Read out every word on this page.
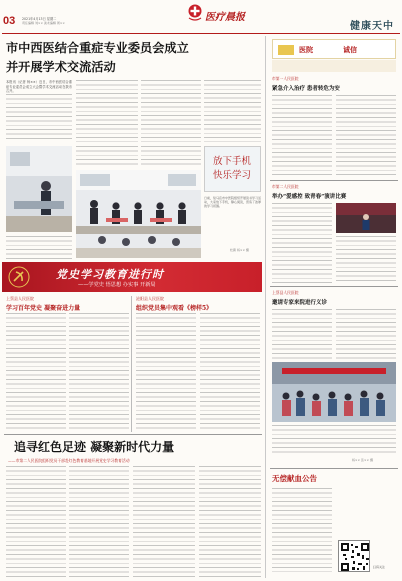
03 2021年4月13日 星期二
责任编辑 刘×× 美术编辑 周××	医疗晨报
健康天中
市中西医结合重症专业委员会成立
并开展学术交流活动
本报讯（记者 杨××）近日，市中西医结合重症专业委员会成立大会暨学术交流活动在我市召开。
放下手机
快乐学习
日前，驻马店市中医院组织开展读书学习活动，大家放下手机，静心阅读，营造了浓厚的学习氛围。
杜鹃 杨×× 摄
党史学习教育进行时
——学党史 悟思想 办实事 开新局
上蔡县人民医院
学习百年党史 凝聚奋进力量
泌阳县人民医院
组织党员集中观看《榜样5》
追寻红色足迹 凝聚新时代力量
——市第二人民医院组织党员干部赴红色教育基地开展党史学习教育活动
医院	诚信
市第一人民医院
紧急介入治疗 患者转危为安
市第二人民医院
举办“爱感控 致青春”演讲比赛
上蔡县人民医院
邀请专家来院进行义诊
杨×× 张×× 摄
无偿献血公告
扫码关注
